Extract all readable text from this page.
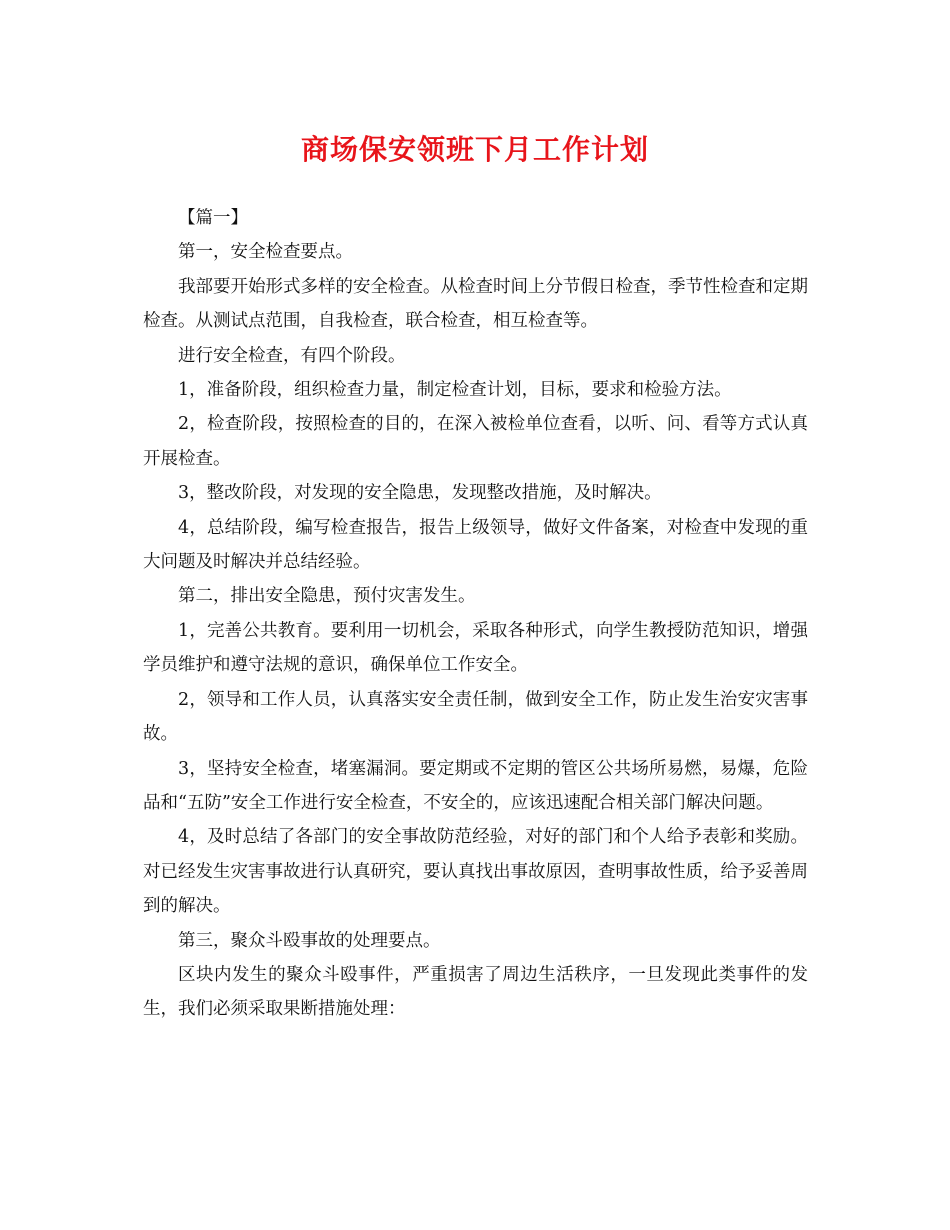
商场保安领班下月工作计划

【篇一】

第一，安全检查要点。

我部要开始形式多样的安全检查。从检查时间上分节假日检查，季节性检查和定期检查。从测试点范围，自我检查，联合检查，相互检查等。

进行安全检查，有四个阶段。

1，准备阶段，组织检查力量，制定检查计划，目标，要求和检验方法。

2，检查阶段，按照检查的目的，在深入被检单位查看，以听、问、看等方式认真开展检查。

3，整改阶段，对发现的安全隐患，发现整改措施，及时解决。

4，总结阶段，编写检查报告，报告上级领导，做好文件备案，对检查中发现的重大问题及时解决并总结经验。

第二，排出安全隐患，预付灾害发生。

1，完善公共教育。要利用一切机会，采取各种形式，向学生教授防范知识，增强学员维护和遵守法规的意识，确保单位工作安全。

2，领导和工作人员，认真落实安全责任制，做到安全工作，防止发生治安灾害事故。

3，坚持安全检查，堵塞漏洞。要定期或不定期的管区公共场所易燃，易爆，危险品和“五防”安全工作进行安全检查，不安全的，应该迅速配合相关部门解决问题。

4，及时总结了各部门的安全事故防范经验，对好的部门和个人给予表彰和奖励。对已经发生灾害事故进行认真研究，要认真找出事故原因，查明事故性质，给予妥善周到的解决。

第三，聚众斗殴事故的处理要点。

区块内发生的聚众斗殴事件，严重损害了周边生活秩序，一旦发现此类事件的发生，我们必须采取果断措施处理：
